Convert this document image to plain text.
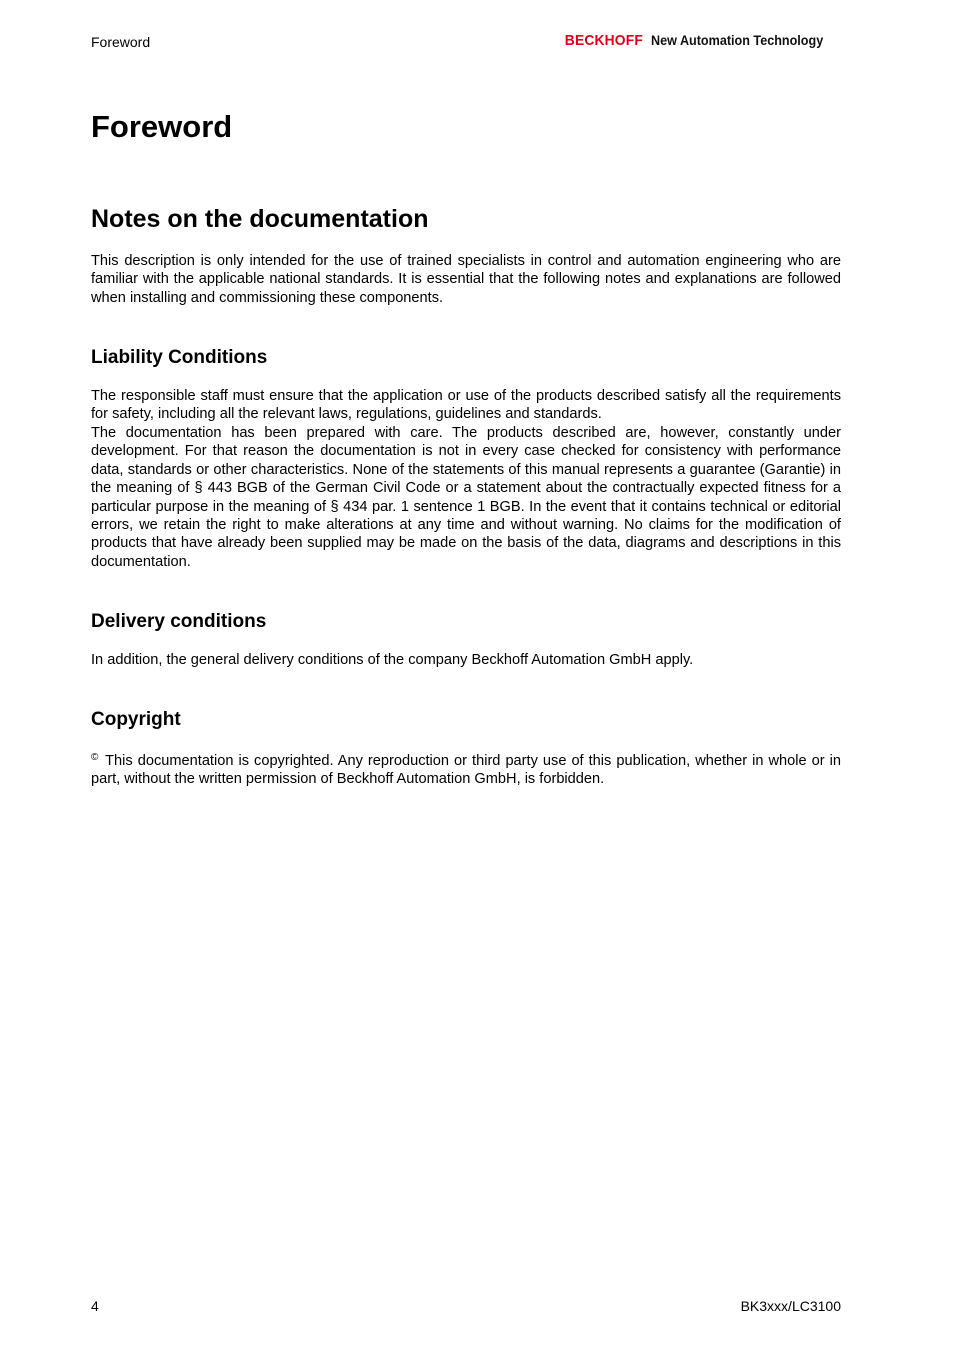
Foreword	BECKHOFF New Automation Technology
Foreword
Notes on the documentation

This description is only intended for the use of trained specialists in control and automation engineering who are familiar with the applicable national standards. It is essential that the following notes and explanations are followed when installing and commissioning these components.

Liability Conditions

The responsible staff must ensure that the application or use of the products described satisfy all the requirements for safety, including all the relevant laws, regulations, guidelines and standards.

The documentation has been prepared with care. The products described are, however, constantly under development. For that reason the documentation is not in every case checked for consistency with performance data, standards or other characteristics. None of the statements of this manual represents a guarantee (Garantie) in the meaning of § 443 BGB of the German Civil Code or a statement about the contractually expected fitness for a particular purpose in the meaning of § 434 par. 1 sentence 1 BGB. In the event that it contains technical or editorial errors, we retain the right to make alterations at any time and without warning. No claims for the modification of products that have already been supplied may be made on the basis of the data, diagrams and descriptions in this documentation.

Delivery conditions

In addition, the general delivery conditions of the company Beckhoff Automation GmbH apply.

Copyright

© This documentation is copyrighted. Any reproduction or third party use of this publication, whether in whole or in part, without the written permission of Beckhoff Automation GmbH, is forbidden.

4	BK3xxx/LC3100
